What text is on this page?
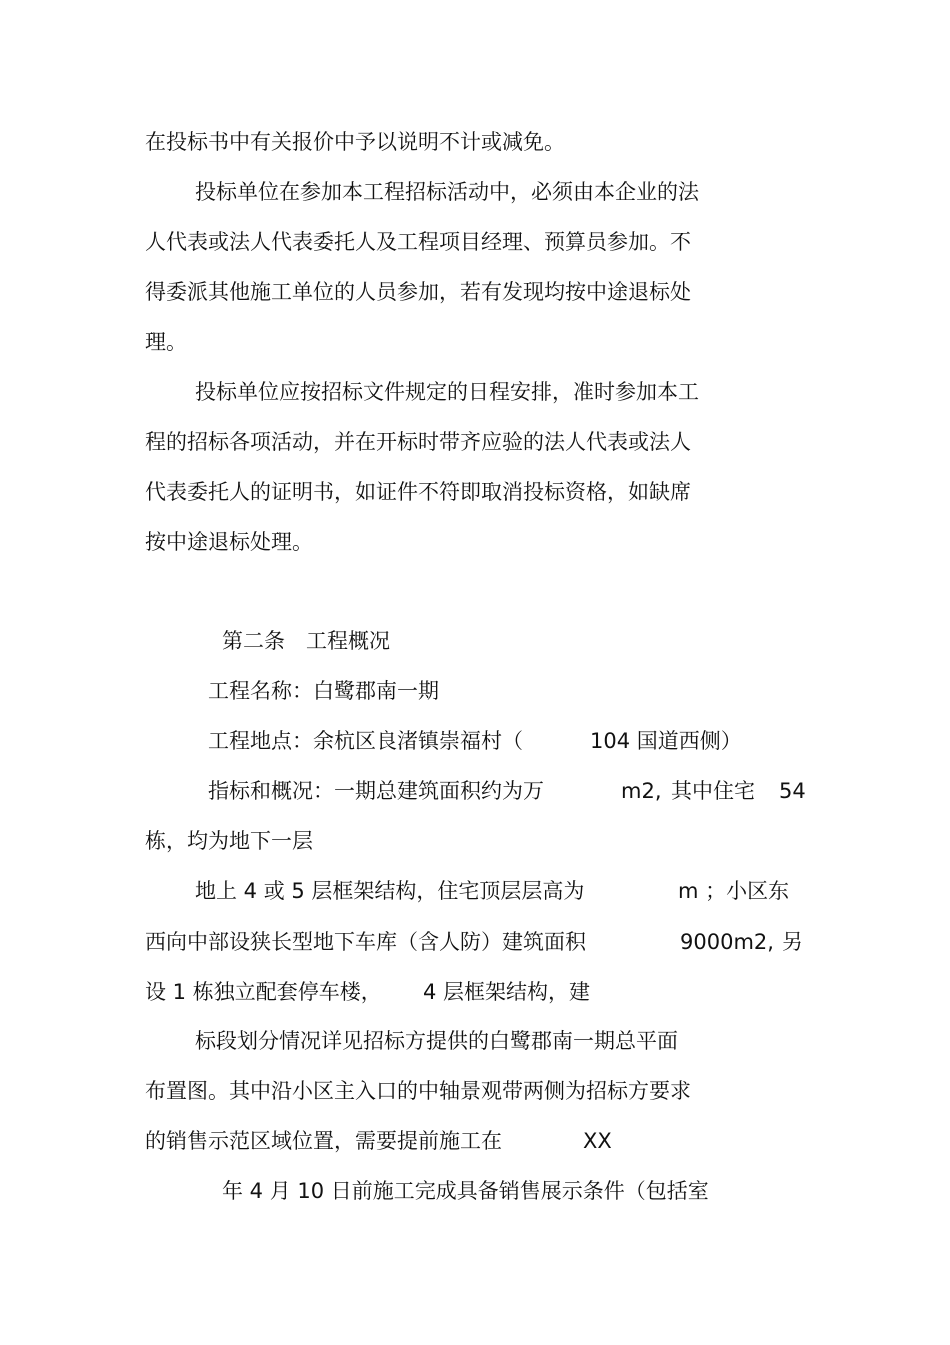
在投标书中有关报价中予以说明不计或减免。

投标单位在参加本工程招标活动中，必须由本企业的法

人代表或法人代表委托人及工程项目经理、预算员参加。不

得委派其他施工单位的人员参加，若有发现均按中途退标处

理。

投标单位应按招标文件规定的日程安排，准时参加本工

程的招标各项活动，并在开标时带齐应验的法人代表或法人

代表委托人的证明书，如证件不符即取消投标资格，如缺席

按中途退标处理。

第二条　工程概况

工程名称：白鹭郡南一期

工程地点：余杭区良渚镇崇福村（	104 国道西侧）
指标和概况：一期总建筑面积约为万	m2, 其中住宅 54

栋，均为地下一层

地上 4 或 5 层框架结构，住宅顶层层高为	m ；小区东
西向中部设狭长型地下车库（含人防）建筑面积	9000m2, 另
设 1 栋独立配套停车楼， 4 层框架结构，建

标段划分情况详见招标方提供的白鹭郡南一期总平面

布置图。其中沿小区主入口的中轴景观带两侧为招标方要求

的销售示范区域位置，需要提前施工在	XX

年 4 月 10 日前施工完成具备销售展示条件（包括室
